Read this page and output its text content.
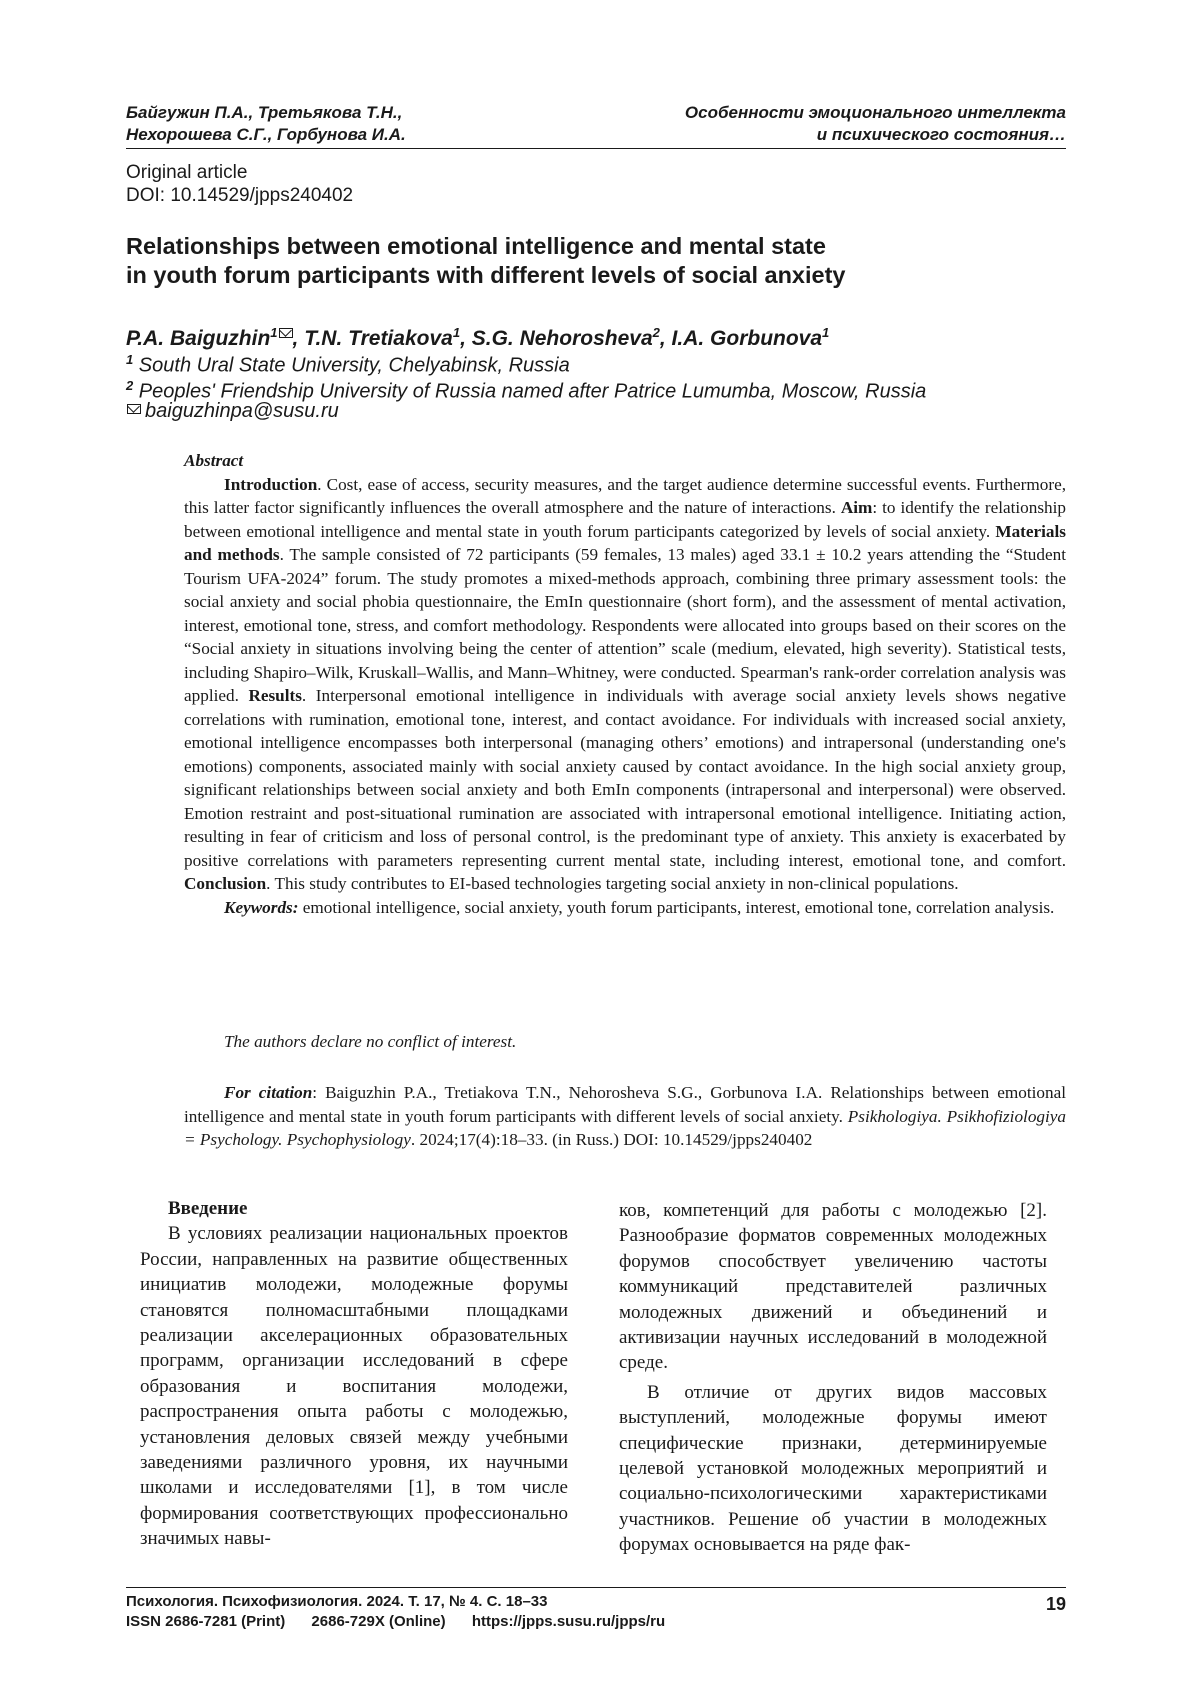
Байгужин П.А., Третьякова Т.Н.,
Нехорошева С.Г., Горбунова И.А.
Особенности эмоционального интеллекта
и психического состояния…
Original article
DOI: 10.14529/jpps240402
Relationships between emotional intelligence and mental state
in youth forum participants with different levels of social anxiety
P.A. Baiguzhin$^1$ , T.N. Tretiakova$^1$, S.G. Nehorosheva$^2$, I.A. Gorbunova$^1$
$^1$ South Ural State University, Chelyabinsk, Russia
$^2$ Peoples' Friendship University of Russia named after Patrice Lumumba, Moscow, Russia
baiguzhinpa@susu.ru

Abstract

Introduction. Cost, ease of access, security measures, and the target audience determine successful events. Furthermore, this latter factor significantly influences the overall atmosphere and the nature of interactions. Aim: to identify the relationship between emotional intelligence and mental state in youth forum participants categorized by levels of social anxiety. Materials and methods. The sample consisted of 72 participants (59 females, 13 males) aged 33.1 ± 10.2 years attending the “Student Tourism UFA-2024” forum. The study promotes a mixed-methods approach, combining three primary assessment tools: the social anxiety and social phobia questionnaire, the EmIn questionnaire (short form), and the assessment of mental activation, interest, emotional tone, stress, and comfort methodology. Respondents were allocated into groups based on their scores on the “Social anxiety in situations involving being the center of attention” scale (medium, elevated, high severity). Statistical tests, including Shapiro–Wilk, Kruskall–Wallis, and Mann–Whitney, were conducted. Spearman's rank-order correlation analysis was applied. Results. Interpersonal emotional intelligence in individuals with average social anxiety levels shows negative correlations with rumination, emotional tone, interest, and contact avoidance. For individuals with increased social anxiety, emotional intelligence encompasses both interpersonal (managing others’ emotions) and intrapersonal (understanding one's emotions) components, associated mainly with social anxiety caused by contact avoidance. In the high social anxiety group, significant relationships between social anxiety and both EmIn components (intrapersonal and interpersonal) were observed. Emotion restraint and post-situational rumination are associated with intrapersonal emotional intelligence. Initiating action, resulting in fear of criticism and loss of personal control, is the predominant type of anxiety. This anxiety is exacerbated by positive correlations with parameters representing current mental state, including interest, emotional tone, and comfort. Conclusion. This study contributes to EI-based technologies targeting social anxiety in non-clinical populations.

Keywords: emotional intelligence, social anxiety, youth forum participants, interest, emotional tone, correlation analysis.

The authors declare no conflict of interest.
For citation: Baiguzhin P.A., Tretiakova T.N., Nehorosheva S.G., Gorbunova I.A. Relationships between emotional intelligence and mental state in youth forum participants with different levels of social anxiety. Psikhologiya. Psikhofiziologiya = Psychology. Psychophysiology. 2024;17(4):18–33. (in Russ.) DOI: 10.14529/jpps240402

Введение

В условиях реализации национальных проектов России, направленных на развитие общественных инициатив молодежи, молодежные форумы становятся полномасштабными площадками реализации акселерационных образовательных программ, организации исследований в сфере образования и воспитания молодежи, распространения опыта работы с молодежью, установления деловых связей между учебными заведениями различного уровня, их научными школами и исследователями [1], в том числе формирования соответствующих профессионально значимых навы-

ков, компетенций для работы с молодежью [2]. Разнообразие форматов современных молодежных форумов способствует увеличению частоты коммуникаций представителей различных молодежных движений и объединений и активизации научных исследований в молодежной среде.

В отличие от других видов массовых выступлений, молодежные форумы имеют специфические признаки, детерминируемые целевой установкой молодежных мероприятий и социально-психологическими характеристиками участников. Решение об участии в молодежных форумах основывается на ряде фак-

Психология. Психофизиология. 2024. Т. 17, № 4. С. 18–33
ISSN 2686-7281 (Print) 2686-729X (Online) https://jpps.susu.ru/jpps/ru
19
